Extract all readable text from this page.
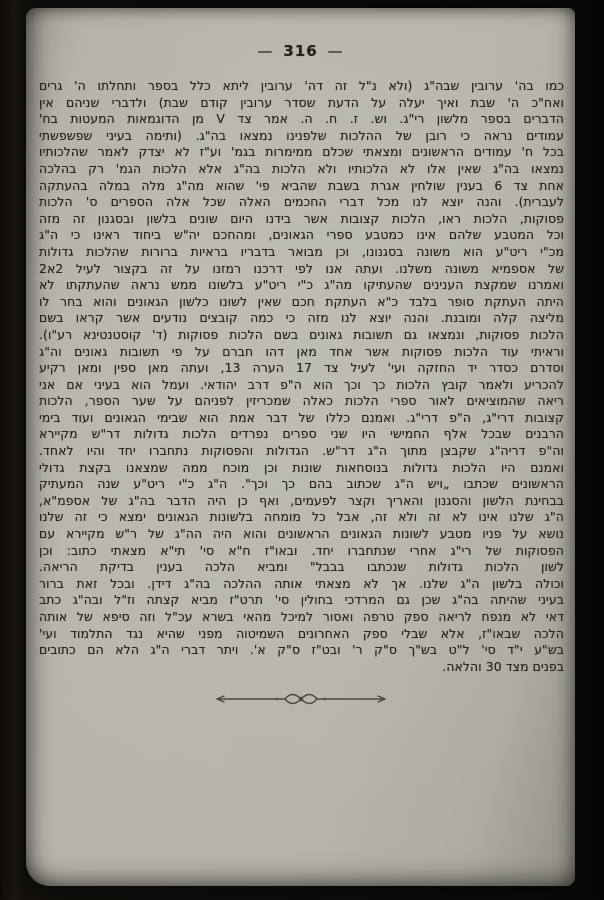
— 316 —
כמו בה' ערובין שבה"ג (ולא נ"ל זה דה' ערובין ליתא כלל בספר ותחלתו ה' גרים
ואח"כ ה' שבת ואיך יעלה על הדעת שסדר ערובין קודם שבת) ולדברי שניהם אין
הדברים בספר מלשון רי"ג. וש. ז. ח. ה. אמר צד V מן הדוגמאות המעטות בח'
עמודים נראה כי רובן של ההלכות שלפנינו נמצאו בה"ג. (ותימה בעיני שפשפשתי
בכל ח' עמודים הראשונים ומצאתי שכלם ממימרות בגמ' וע"ז לא יצדק לאמר שהלכותיו
נמצאו בה"ג שאין אלו לא הלכותיו ולא הלכות בה"ג אלא הלכות הגמ' רק בהלכה
אחת צד 6 בענין שולחין אגרת בשבת שהביא פי' שהוא מה"ג מלה במלה בהעתקה
לעברית). והנה יוצא לנו מכל דברי החכמים האלה שכל אלה הספרים ס' הלכות
פסוקות, הלכות ראו, הלכות קצובות אשר בידנו היום שונים בלשון ובסגנון זה מזה
וכל המטבע שלהם אינו כמטבע ספרי הגאונים, ומהחכם יה"ש ביחוד ראינו כי ה"ג
מכ"י ריט"ע הוא משונה בסגנונו, וכן מבואר בדבריו בראיות ברורות שהלכות גדולות
של אספמיא משונה משלנו. ועתה אנו לפי דרכנו רמזנו על זה בקצור לעיל 2א2
ואמרנו שמקצת הענינים שהעתיקו מה"ג כ"י ריט"ע בלשונו ממש נראה שהעתקתו לא
היתה העתקת סופר בלבד כ"א העתקת חכם שאין לשונו כלשון הגאונים והוא בחר לו
מליצה קלה ומובנת. והנה יוצא לנו מזה כי כמה קובצים נודעים אשר קראו בשם
הלכות פסוקות, ונמצאו גם תשובות גאונים בשם הלכות פסוקות (ד' קוסטנטינא רע"ו).
וראיתי עוד הלכות פסוקות אשר אחד מאן דהו חברם על פי תשובות גאונים וה"ג
וסדרם כסדר יד החזקה ועי' לעיל צד 17 הערה 13, ועתה מאן ספין ומאן רקיע
להכריע ולאמר קובץ הלכות כך וכך הוא ה"פ דרב יהודאי. ועמל הוא בעיני אם אני
ריאה שהמוציאים לאור ספרי הלכות כאלה שמכריזין לפניהם על שער הספר, הלכות
קצובות דרי"ג, ה"פ דרי"ג. ואמנם כללו של דבר אמת הוא שבימי הגאונים ועוד בימי
הרבנים שבכל אלף החמישי היו שני ספרים נפרדים הלכות גדולות דר"ש מקיירא
וה"פ דריה"ג שקבצן מתוך ה"ג דר"ש. הגדולות והפסוקות נתחברו יחד והיו לאחד.
ואמנם היו הלכות גדולות בנוסחאות שונות וכן מוכח ממה שמצאנו בקצת גדולי
הראשונים שכתבו „ויש ה"ג שכתוב בהם כך וכך". ה"ג כ"י ריט"ע שנה המעתיק
בבחינת הלשון והסגנון והאריך וקצר לפעמים, ואף כן היה הדבר בה"ג של אספמ"א,
ה"ג שלנו אינו לא זה ולא זה, אבל כל מומחה בלשונות הגאונים ימצא כי זה שלנו
נושא על פניו מטבע לשונות הגאונים הראשונים והוא היה הה"ג של ר"ש מקיירא עם
הפסוקות של רי"ג אחרי שנתחברו יחד. ובאו"ז ח"א סי' תי"א מצאתי כתוב: וכן
לשון הלכות גדולות שנכתבו בבבל" ומביא הלכה בענין בדיקת הריאה.
וכולה בלשון ה"ג שלנו. אך לא מצאתי אותה ההלכה בה"ג דידן. ובכל זאת ברור
בעיני שהיתה בה"ג שכן גם המרדכי בחולין סי' תרט"ז מביא קצתה וז"ל ובה"ג כתב
דאי לא מנפח לריאה ספק טרפה ואסור למיכל מהאי בשרא עכ"ל וזה סיפא של אותה
הלכה שבאו"ז, אלא שבלי ספק האחרונים השמיטוה מפני שהיא נגד התלמוד ועי'
בש"ע י"ד סי' ל"ט בש"ך ס"ק ר' ובט"ז ס"ק א'. ויתר דברי ה"ג הלא הם כתובים
בפנים מצד 30 והלאה.
